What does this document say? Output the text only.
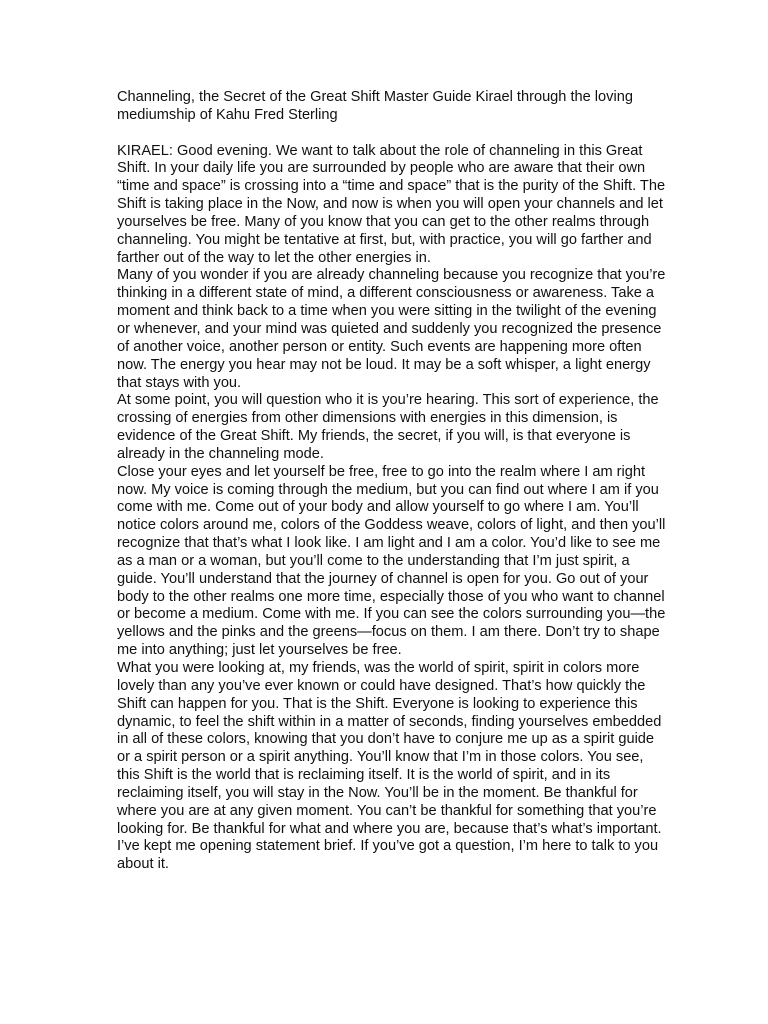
Channeling, the Secret of the Great Shift Master Guide Kirael through the loving mediumship of Kahu Fred Sterling

KIRAEL: Good evening. We want to talk about the role of channeling in this Great Shift. In your daily life you are surrounded by people who are aware that their own “time and space” is crossing into a “time and space” that is the purity of the Shift. The Shift is taking place in the Now, and now is when you will open your channels and let yourselves be free. Many of you know that you can get to the other realms through channeling. You might be tentative at first, but, with practice, you will go farther and farther out of the way to let the other energies in.

Many of you wonder if you are already channeling because you recognize that you’re thinking in a different state of mind, a different consciousness or awareness. Take a moment and think back to a time when you were sitting in the twilight of the evening or whenever, and your mind was quieted and suddenly you recognized the presence of another voice, another person or entity. Such events are happening more often now. The energy you hear may not be loud. It may be a soft whisper, a light energy that stays with you.

At some point, you will question who it is you’re hearing. This sort of experience, the crossing of energies from other dimensions with energies in this dimension, is evidence of the Great Shift. My friends, the secret, if you will, is that everyone is already in the channeling mode.

Close your eyes and let yourself be free, free to go into the realm where I am right now. My voice is coming through the medium, but you can find out where I am if you come with me. Come out of your body and allow yourself to go where I am. You’ll notice colors around me, colors of the Goddess weave, colors of light, and then you’ll recognize that that’s what I look like. I am light and I am a color. You’d like to see me as a man or a woman, but you’ll come to the understanding that I’m just spirit, a guide. You’ll understand that the journey of channel is open for you. Go out of your body to the other realms one more time, especially those of you who want to channel or become a medium. Come with me. If you can see the colors surrounding you—the yellows and the pinks and the greens—focus on them. I am there. Don’t try to shape me into anything; just let yourselves be free.

What you were looking at, my friends, was the world of spirit, spirit in colors more lovely than any you’ve ever known or could have designed. That’s how quickly the Shift can happen for you. That is the Shift. Everyone is looking to experience this dynamic, to feel the shift within in a matter of seconds, finding yourselves embedded in all of these colors, knowing that you don’t have to conjure me up as a spirit guide or a spirit person or a spirit anything. You’ll know that I’m in those colors. You see, this Shift is the world that is reclaiming itself. It is the world of spirit, and in its reclaiming itself, you will stay in the Now. You’ll be in the moment. Be thankful for where you are at any given moment. You can’t be thankful for something that you’re looking for. Be thankful for what and where you are, because that’s what’s important.

I’ve kept me opening statement brief. If you’ve got a question, I’m here to talk to you about it.
